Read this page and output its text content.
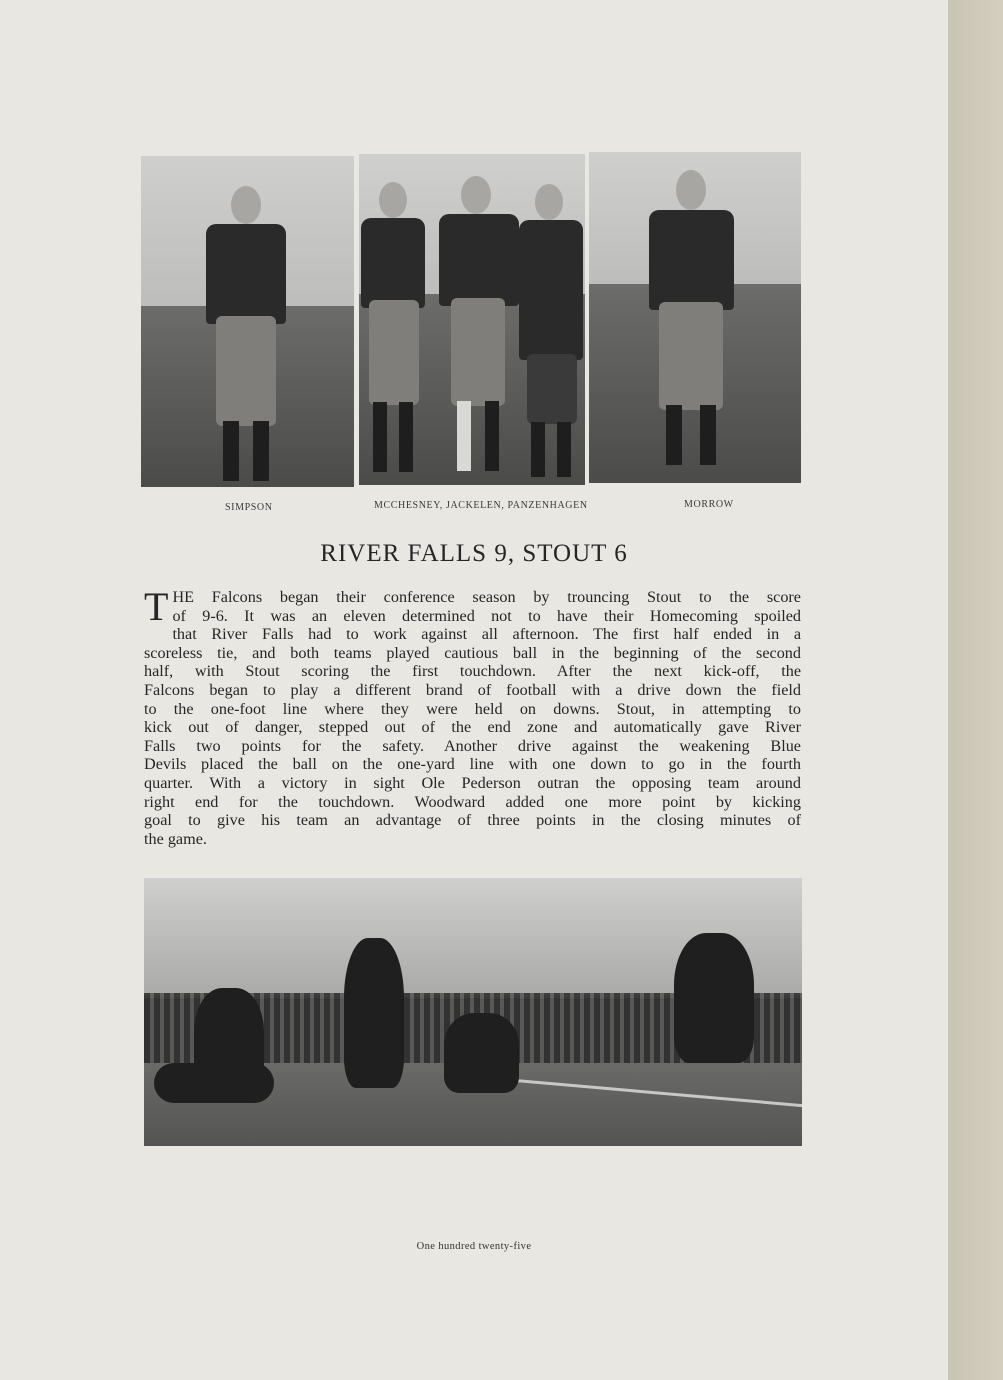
SIMPSON	MCCHESNEY, JACKELEN, PANZENHAGEN	MORROW
RIVER FALLS 9, STOUT 6
T HE Falcons began their conference season by trouncing Stout to the score
of 9-6. It was an eleven determined not to have their Homecoming spoiled
that River Falls had to work against all afternoon. The first half ended in a
scoreless tie, and both teams played cautious ball in the beginning of the second
half, with Stout scoring the first touchdown. After the next kick-off, the
Falcons began to play a different brand of football with a drive down the field
to the one-foot line where they were held on downs. Stout, in attempting to
kick out of danger, stepped out of the end zone and automatically gave River
Falls two points for the safety. Another drive against the weakening Blue
Devils placed the ball on the one-yard line with one down to go in the fourth
quarter. With a victory in sight Ole Pederson outran the opposing team around
right end for the touchdown. Woodward added one more point by kicking
goal to give his team an advantage of three points in the closing minutes of
the game.
One hundred twenty-five
